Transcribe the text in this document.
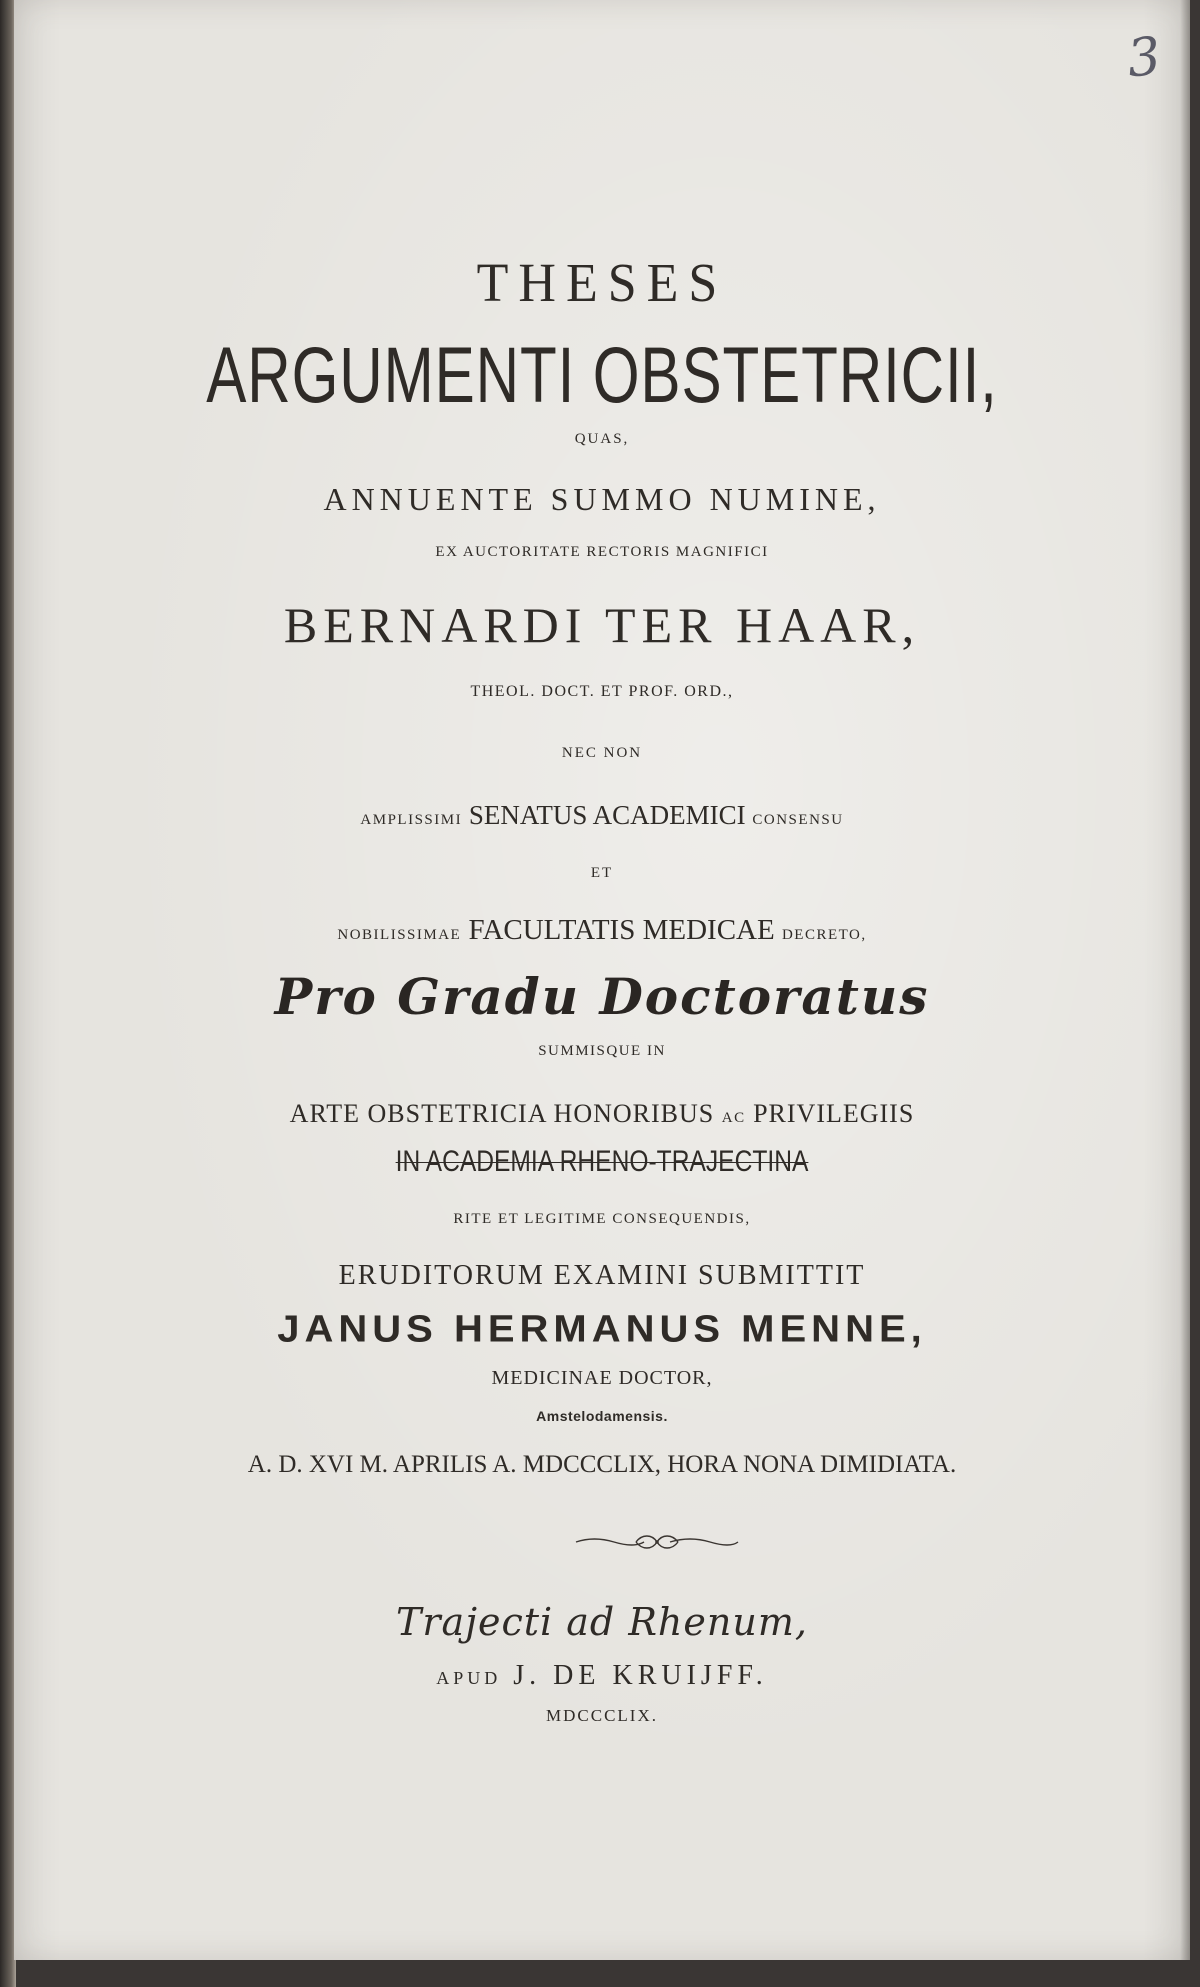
3
THESES
ARGUMENTI OBSTETRICII,
QUAS,
ANNUENTE SUMMO NUMINE,
EX AUCTORITATE RECTORIS MAGNIFICI
BERNARDI TER HAAR,
THEOL. DOCT. ET PROF. ORD.,
NEC NON
AMPLISSIMI SENATUS ACADEMICI CONSENSU
ET
NOBILISSIMAE FACULTATIS MEDICAE DECRETO,
Pro Gradu Doctoratus
SUMMISQUE IN
ARTE OBSTETRICIA HONORIBUS AC PRIVILEGIIS
IN ACADEMIA RHENO-TRAJECTINA
RITE ET LEGITIME CONSEQUENDIS,
ERUDITORUM EXAMINI SUBMITTIT
JANUS HERMANUS MENNE,
MEDICINAE DOCTOR,
Amstelodamensis.
A. D. XVI M. APRILIS A. MDCCCLIX, HORA NONA DIMIDIATA.
Trajecti ad Rhenum,
APUD J. DE KRUIJFF.
MDCCCLIX.
